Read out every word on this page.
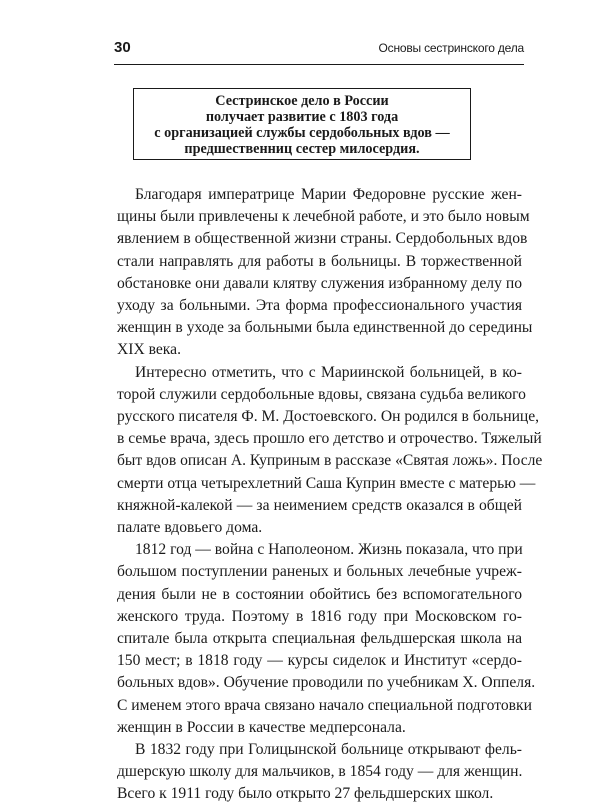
30	Основы сестринского дела
Сестринское дело в России
получает развитие с 1803 года
с организацией службы сердобольных вдов —
предшественниц сестер милосердия.

Благодаря императрице Марии Федоровне русские жен-
щины были привлечены к лечебной работе, и это было новым
явлением в общественной жизни страны. Сердобольных вдов
стали направлять для работы в больницы. В торжественной
обстановке они давали клятву служения избранному делу по
уходу за больными. Эта форма профессионального участия
женщин в уходе за больными была единственной до середины
XIX века.

Интересно отметить, что с Мариинской больницей, в ко-
торой служили сердобольные вдовы, связана судьба великого
русского писателя Ф. М. Достоевского. Он родился в больнице,
в семье врача, здесь прошло его детство и отрочество. Тяжелый
быт вдов описан А. Куприным в рассказе «Святая ложь». После
смерти отца четырехлетний Саша Куприн вместе с матерью —
княжной-калекой — за неимением средств оказался в общей
палате вдовьего дома.

1812 год — война с Наполеоном. Жизнь показала, что при
большом поступлении раненых и больных лечебные учреж-
дения были не в состоянии обойтись без вспомогательного
женского труда. Поэтому в 1816 году при Московском го-
спитале была открыта специальная фельдшерская школа на
150 мест; в 1818 году — курсы сиделок и Институт «сердо-
больных вдов». Обучение проводили по учебникам Х. Оппеля.
С именем этого врача связано начало специальной подготовки
женщин в России в качестве медперсонала.

В 1832 году при Голицынской больнице открывают фель-
дшерскую школу для мальчиков, в 1854 году — для женщин.
Всего к 1911 году было открыто 27 фельдшерских школ.
